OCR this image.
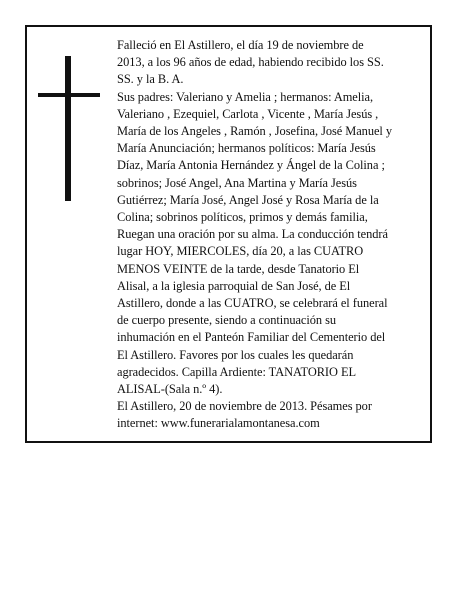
Falleció en El Astillero, el día 19 de noviembre de
2013, a los 96 años de edad, habiendo recibido los SS.
SS. y la B. A.
Sus padres: Valeriano y Amelia ; hermanos: Amelia,
Valeriano , Ezequiel, Carlota , Vicente , María Jesús ,
María de los Angeles , Ramón , Josefina, José Manuel y
María Anunciación; hermanos políticos: María Jesús
Díaz, María Antonia Hernández y Ángel de la Colina ;
sobrinos; José Angel, Ana Martina y María Jesús
Gutiérrez; María José, Angel José y Rosa María de la
Colina; sobrinos políticos, primos y demás familia,
Ruegan una oración por su alma. La conducción tendrá
lugar HOY, MIERCOLES, día 20, a las CUATRO
MENOS VEINTE de la tarde, desde Tanatorio El
Alisal, a la iglesia parroquial de San José, de El
Astillero, donde a las CUATRO, se celebrará el funeral
de cuerpo presente, siendo a continuación su
inhumación en el Panteón Familiar del Cementerio del
El Astillero. Favores por los cuales les quedarán
agradecidos. Capilla Ardiente: TANATORIO EL
ALISAL-(Sala n.º 4).
El Astillero, 20 de noviembre de 2013. Pésames por
internet: www.funerarialamontanesa.com
